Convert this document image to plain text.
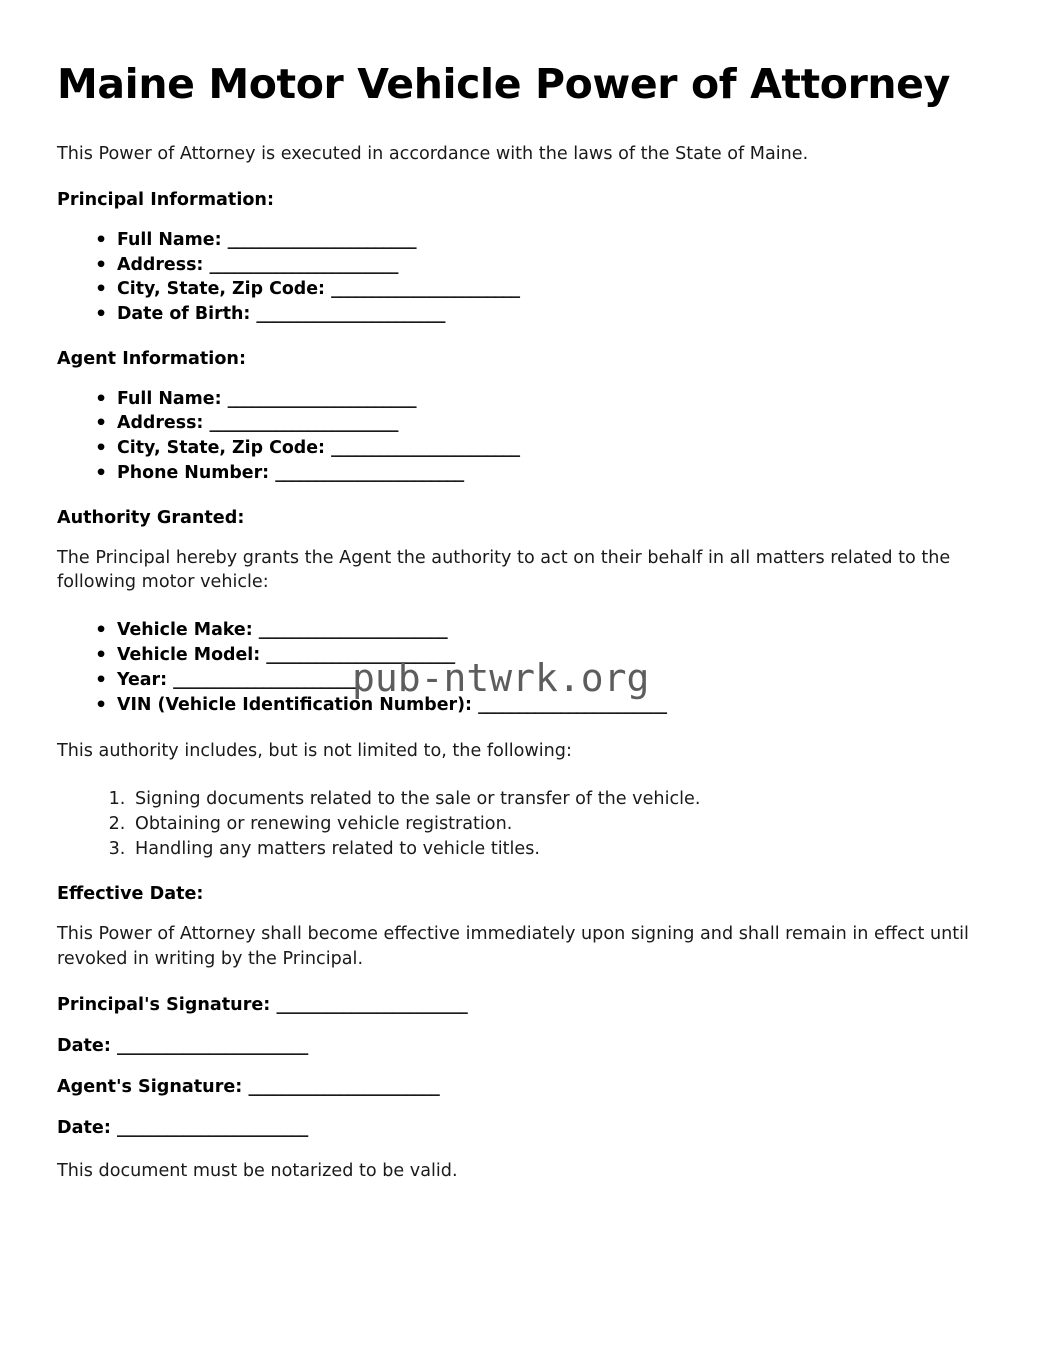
Maine Motor Vehicle Power of Attorney

This Power of Attorney is executed in accordance with the laws of the State of Maine.

Principal Information:
• Full Name: _______________________
• Address: _______________________
• City, State, Zip Code: _______________________
• Date of Birth: _______________________
Agent Information:
• Full Name: _______________________
• Address: _______________________
• City, State, Zip Code: _______________________
• Phone Number: _______________________
Authority Granted:

The Principal hereby grants the Agent the authority to act on their behalf in all matters related to the following motor vehicle:

• Vehicle Make: _______________________
• Vehicle Model: _______________________
• Year: _______________________
• VIN (Vehicle Identification Number): _______________________

This authority includes, but is not limited to, the following:

1. Signing documents related to the sale or transfer of the vehicle.
2. Obtaining or renewing vehicle registration.
3. Handling any matters related to vehicle titles.
Effective Date:

This Power of Attorney shall become effective immediately upon signing and shall remain in effect until revoked in writing by the Principal.

Principal's Signature: _______________________
Date: _______________________
Agent's Signature: _______________________
Date: _______________________

This document must be notarized to be valid.

pub-ntwrk.org
